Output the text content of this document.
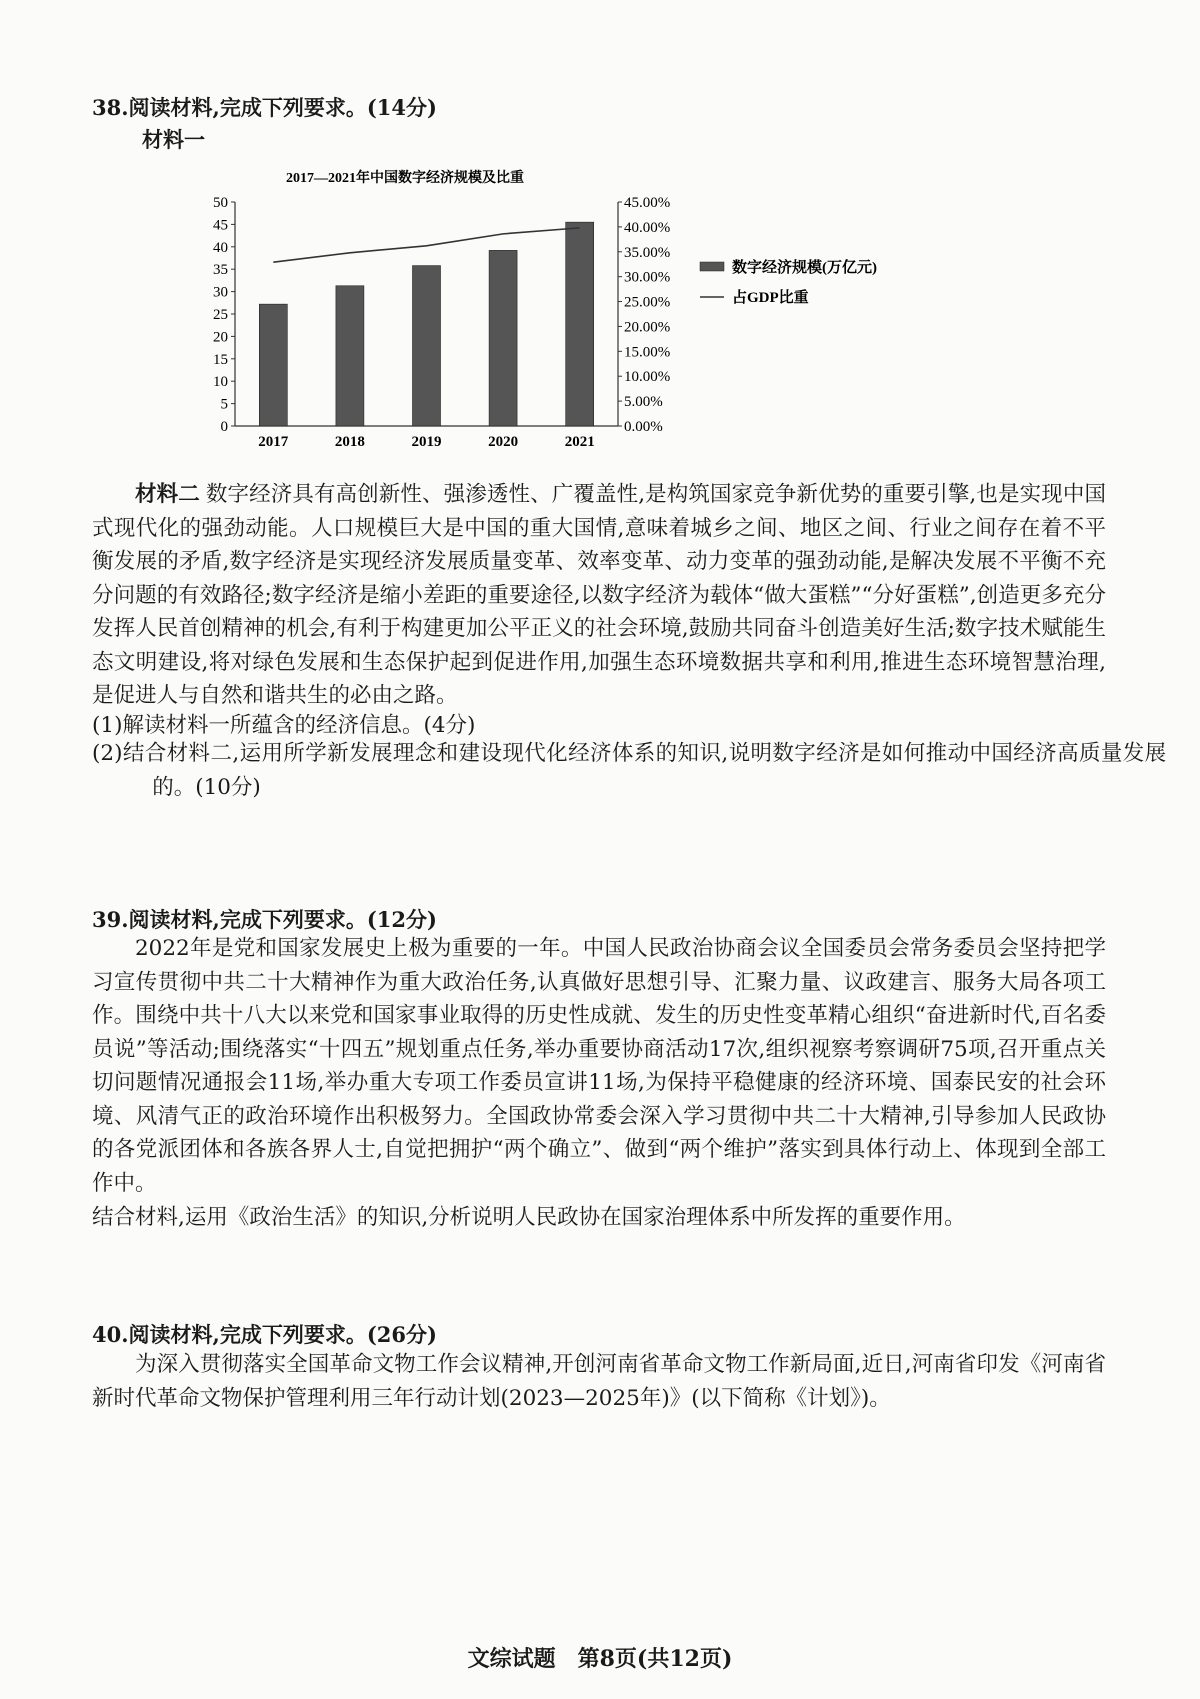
38.阅读材料,完成下列要求。(14分)
材料一
2017—2021年中国数字经济规模及比重
0
5
10
15
20
25
30
35
40
45
50
0.00%
5.00%
10.00%
15.00%
20.00%
25.00%
30.00%
35.00%
40.00%
45.00%
2017	2018	2019	2020	2021
数字经济规模(万亿元)
占GDP比重
材料二 数字经济具有高创新性、强渗透性、广覆盖性,是构筑国家竞争新优势的重要引擎,也是实现中国式现代化的强劲动能。人口规模巨大是中国的重大国情,意味着城乡之间、地区之间、行业之间存在着不平衡发展的矛盾,数字经济是实现经济发展质量变革、效率变革、动力变革的强劲动能,是解决发展不平衡不充分问题的有效路径;数字经济是缩小差距的重要途径,以数字经济为载体“做大蛋糕”“分好蛋糕”,创造更多充分发挥人民首创精神的机会,有利于构建更加公平正义的社会环境,鼓励共同奋斗创造美好生活;数字技术赋能生态文明建设,将对绿色发展和生态保护起到促进作用,加强生态环境数据共享和利用,推进生态环境智慧治理,是促进人与自然和谐共生的必由之路。
(1)解读材料一所蕴含的经济信息。(4分)
(2)结合材料二,运用所学新发展理念和建设现代化经济体系的知识,说明数字经济是如何推动中国经济高质量发展的。(10分)
39.阅读材料,完成下列要求。(12分)
2022年是党和国家发展史上极为重要的一年。中国人民政治协商会议全国委员会常务委员会坚持把学习宣传贯彻中共二十大精神作为重大政治任务,认真做好思想引导、汇聚力量、议政建言、服务大局各项工作。围绕中共十八大以来党和国家事业取得的历史性成就、发生的历史性变革精心组织“奋进新时代,百名委员说”等活动;围绕落实“十四五”规划重点任务,举办重要协商活动17次,组织视察考察调研75项,召开重点关切问题情况通报会11场,举办重大专项工作委员宣讲11场,为保持平稳健康的经济环境、国泰民安的社会环境、风清气正的政治环境作出积极努力。全国政协常委会深入学习贯彻中共二十大精神,引导参加人民政协的各党派团体和各族各界人士,自觉把拥护“两个确立”、做到“两个维护”落实到具体行动上、体现到全部工作中。
结合材料,运用《政治生活》的知识,分析说明人民政协在国家治理体系中所发挥的重要作用。
40.阅读材料,完成下列要求。(26分)
为深入贯彻落实全国革命文物工作会议精神,开创河南省革命文物工作新局面,近日,河南省印发《河南省新时代革命文物保护管理利用三年行动计划(2023—2025年)》(以下简称《计划》)。
文综试题　第8页(共12页)
